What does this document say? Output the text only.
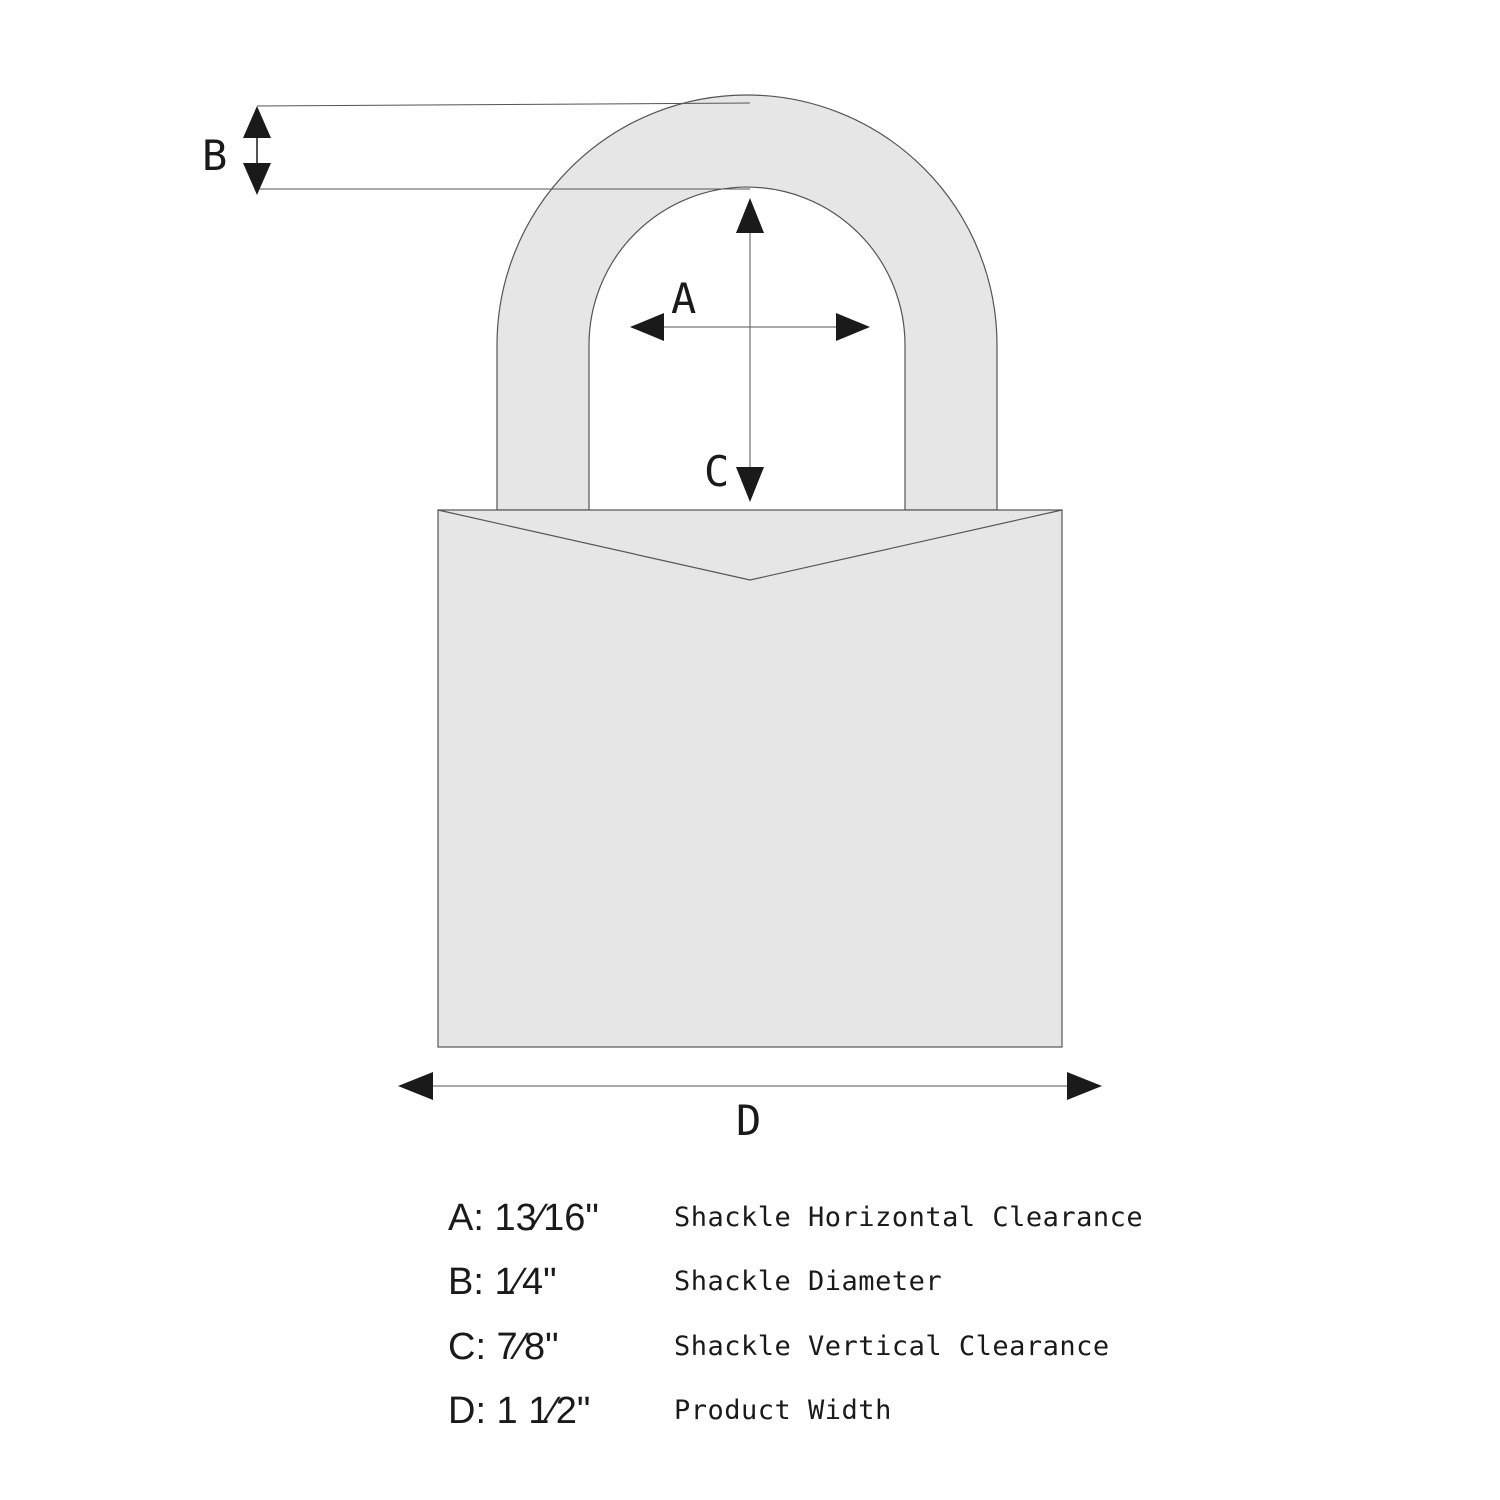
B
A
C
D
A: 13⁄16"	Shackle Horizontal Clearance
B: 1⁄4"	Shackle Diameter
C: 7⁄8"	Shackle Vertical Clearance
D: 1 1⁄2"	Product Width
